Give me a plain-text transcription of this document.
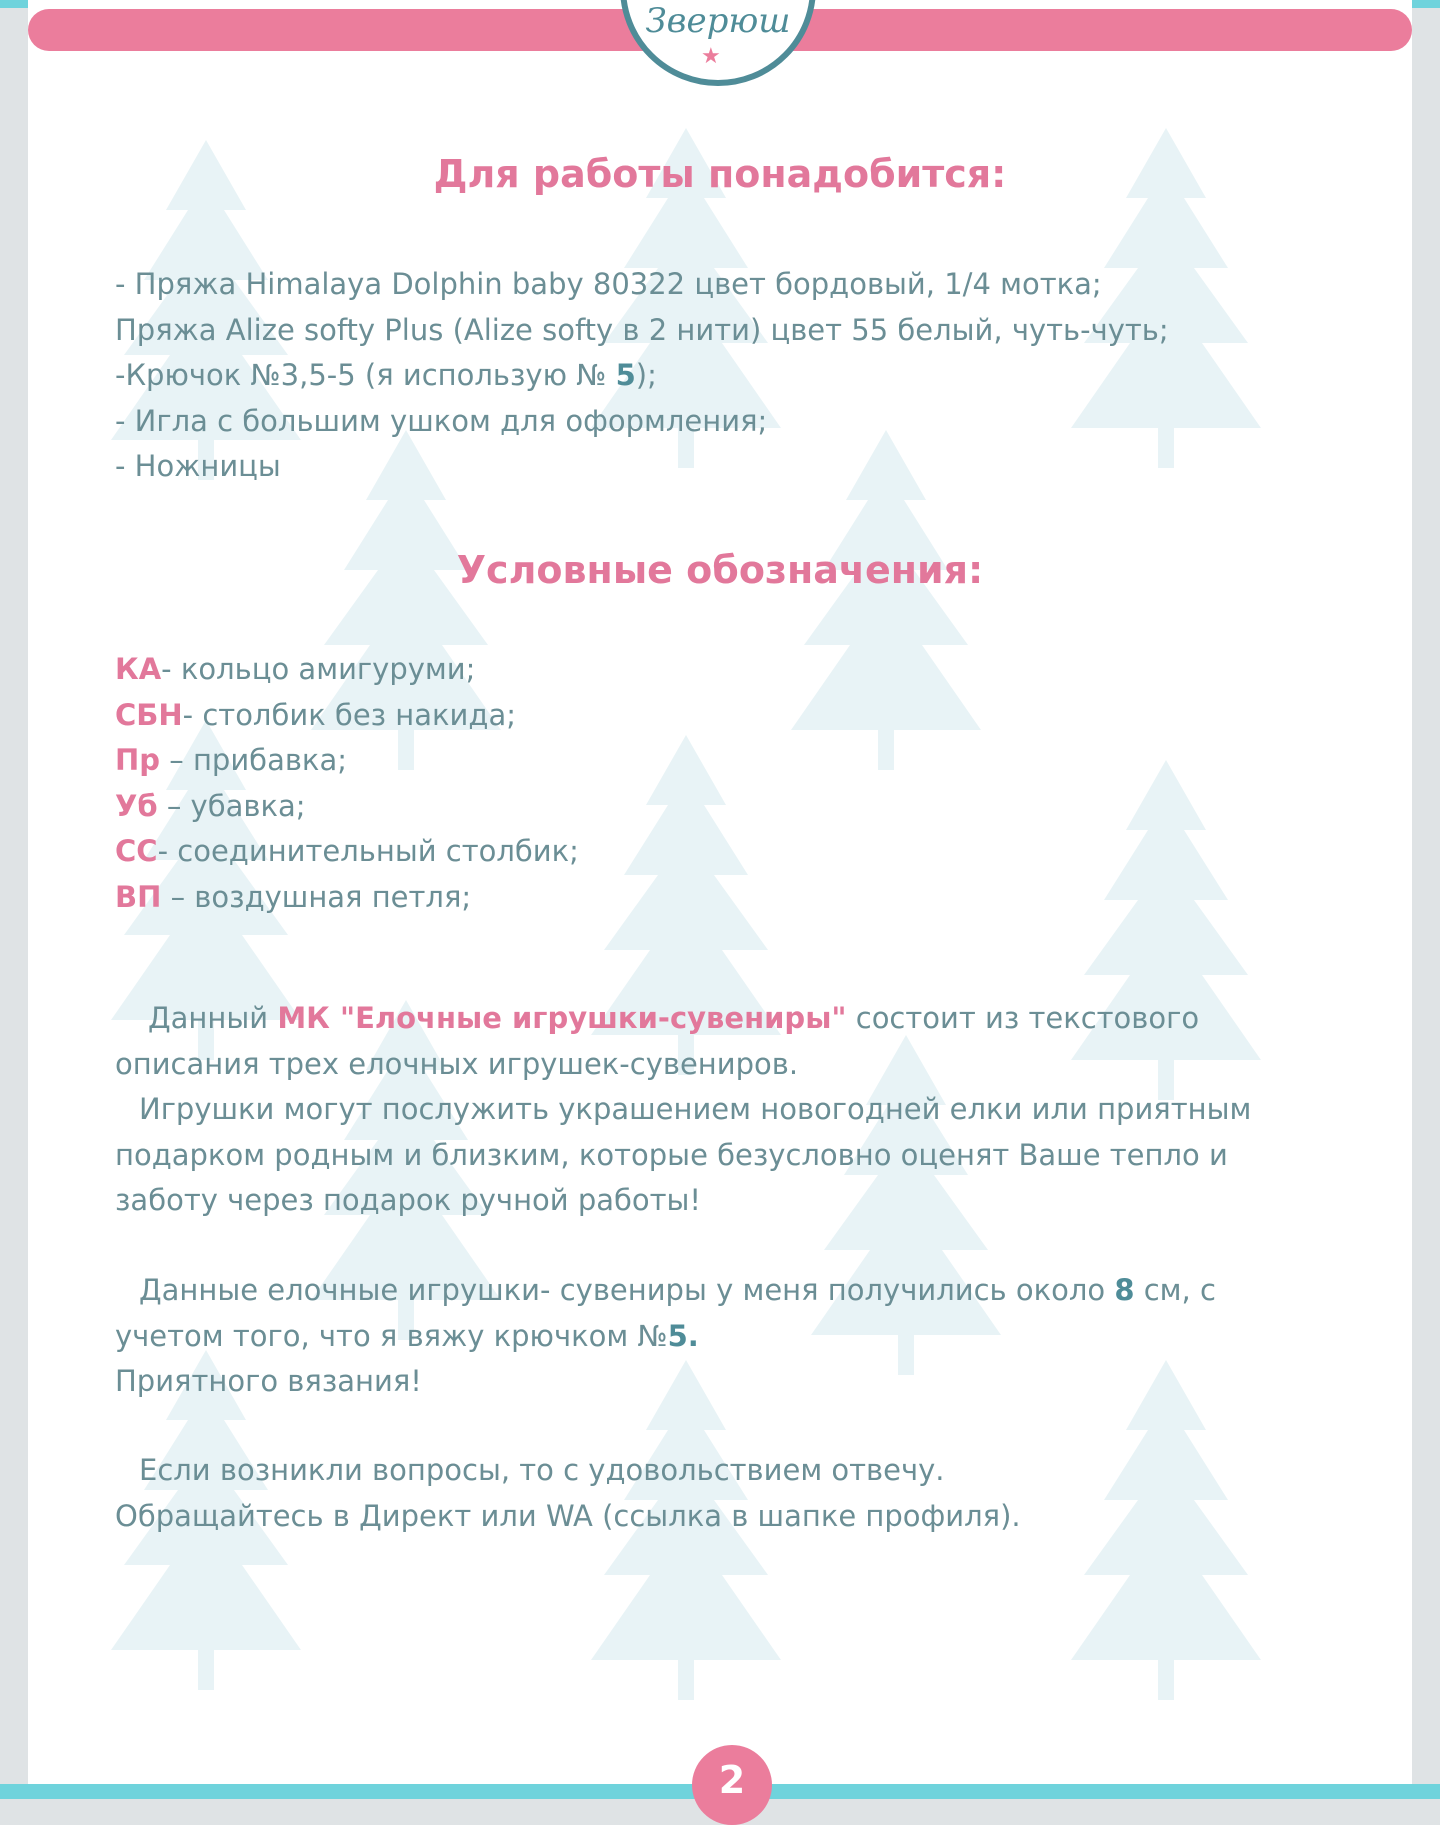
Зверюш
★
Для работы понадобится:
- Пряжа Himalaya Dolphin baby 80322 цвет бордовый, 1/4 мотка;
Пряжа Alize softy Plus (Alize softy в 2 нити) цвет 55 белый, чуть-чуть;
-Крючок №3,5-5 (я использую № 5);
- Игла с большим ушком для оформления;
- Ножницы
Условные обозначения:
КА- кольцо амигуруми;
СБН- столбик без накида;
Пр – прибавка;
Уб – убавка;
СС- соединительный столбик;
ВП – воздушная петля;
Данный МК "Елочные игрушки-сувениры" состоит из текстового
описания трех елочных игрушек-сувениров.
Игрушки могут послужить украшением новогодней елки или приятным
подарком родным и близким, которые безусловно оценят Ваше тепло и
заботу через подарок ручной работы!
Данные елочные игрушки- сувениры у меня получились около 8 см, с
учетом того, что я вяжу крючком №5.
Приятного вязания!
Если возникли вопросы, то с удовольствием отвечу.
Обращайтесь в Директ или WA (ссылка в шапке профиля).
2
